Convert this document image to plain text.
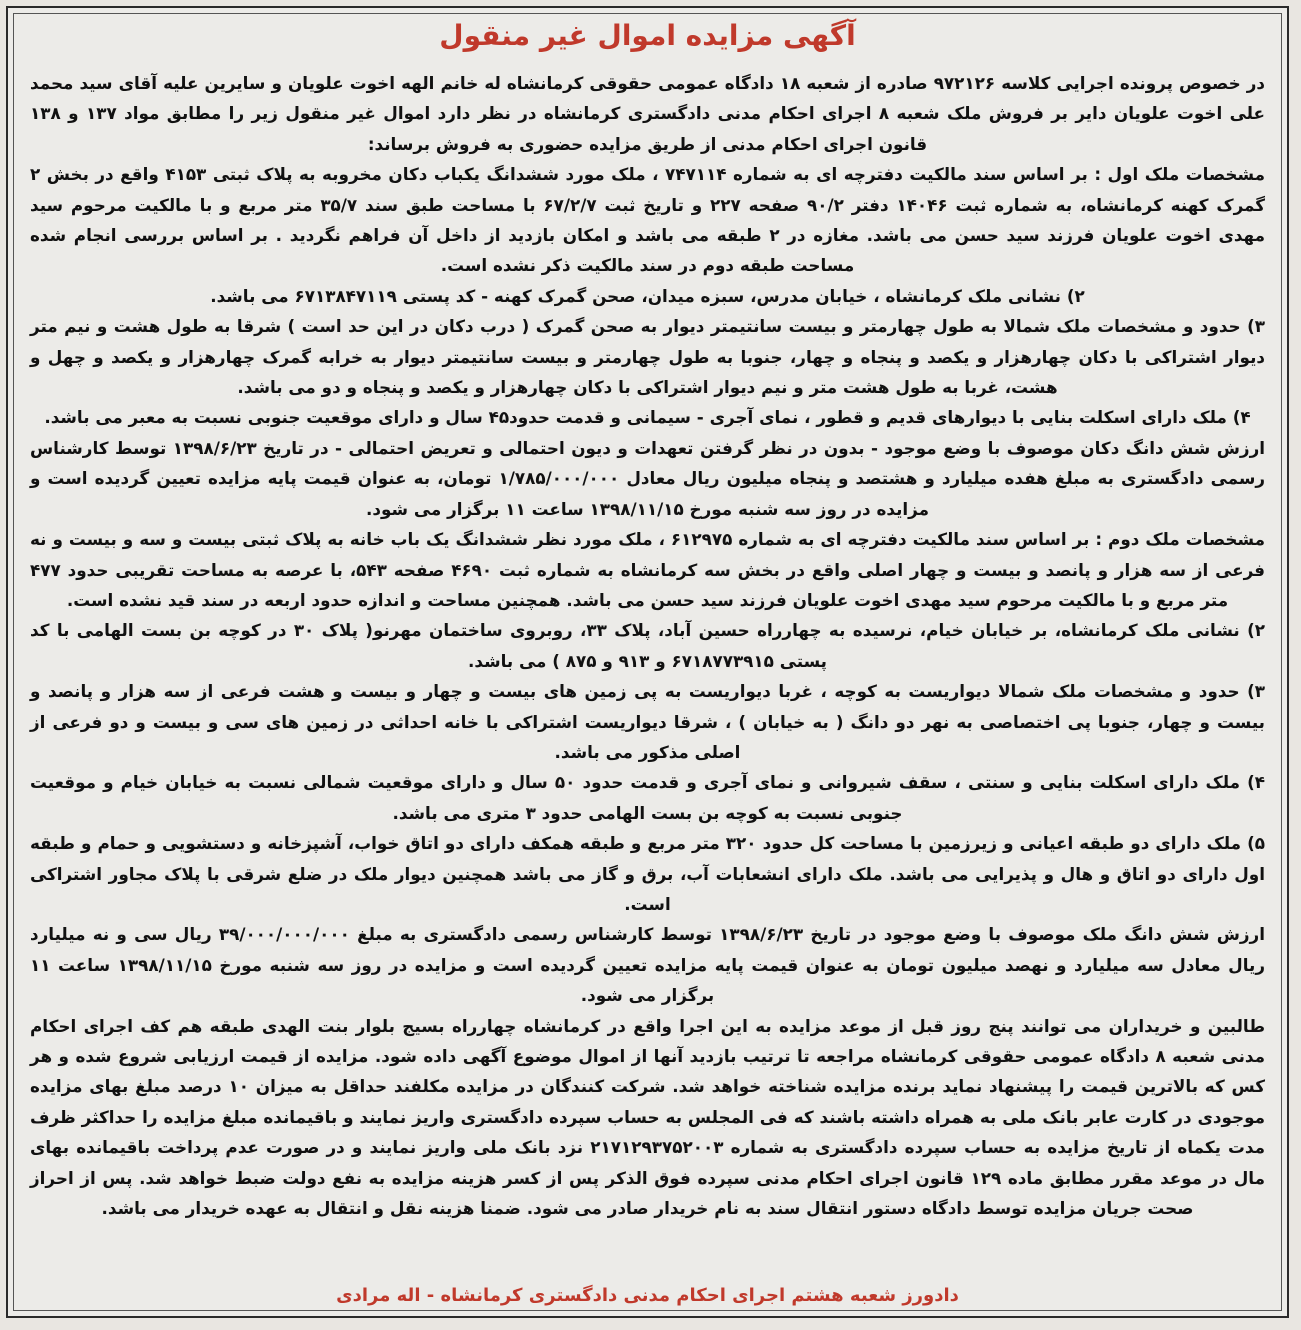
آگهی مزایده اموال غیر منقول

در خصوص پرونده اجرایی کلاسه ۹۷۲۱۲۶ صادره از شعبه ۱۸ دادگاه عمومی حقوقی کرمانشاه له خانم الهه اخوت علویان و سایرین علیه آقای سید محمد علی اخوت علویان دایر بر فروش ملک شعبه ۸ اجرای احکام مدنی دادگستری کرمانشاه در نظر دارد اموال غیر منقول زیر را مطابق مواد ۱۳۷ و ۱۳۸ قانون اجرای احکام مدنی از طریق مزایده حضوری به فروش برساند:

مشخصات ملک اول : بر اساس سند مالکیت دفترچه ای به شماره ۷۴۷۱۱۴ ، ملک مورد ششدانگ یکباب دکان مخروبه به پلاک ثبتی ۴۱۵۳ واقع در بخش ۲ گمرک کهنه کرمانشاه، به شماره ثبت ۱۴۰۴۶ دفتر ۹۰/۲ صفحه ۲۲۷ و تاریخ ثبت ۶۷/۲/۷ با مساحت طبق سند ۳۵/۷ متر مربع و با مالکیت مرحوم سید مهدی اخوت علویان فرزند سید حسن می باشد. مغازه در ۲ طبقه می باشد و امکان بازدید از داخل آن فراهم نگردید . بر اساس بررسی انجام شده مساحت طبقه دوم در سند مالکیت ذکر نشده است.

۲) نشانی ملک کرمانشاه ، خیابان مدرس، سبزه میدان، صحن گمرک کهنه - کد پستی ۶۷۱۳۸۴۷۱۱۹ می باشد.

۳) حدود و مشخصات ملک شمالا به طول چهارمتر و بیست سانتیمتر دیوار به صحن گمرک ( درب دکان در این حد است ) شرقا به طول هشت و نیم متر دیوار اشتراکی با دکان چهارهزار و یکصد و پنجاه و چهار، جنوبا به طول چهارمتر و بیست سانتیمتر دیوار به خرابه گمرک چهارهزار و یکصد و چهل و هشت، غربا به طول هشت متر و نیم دیوار اشتراکی با دکان چهارهزار و یکصد و پنجاه و دو می باشد.

۴) ملک دارای اسکلت بنایی با دیوارهای قدیم و قطور ، نمای آجری - سیمانی و قدمت حدود۴۵ سال و دارای موقعیت جنوبی نسبت به معبر می باشد.

ارزش شش دانگ دکان موصوف با وضع موجود - بدون در نظر گرفتن تعهدات و دیون احتمالی و تعریض احتمالی - در تاریخ ۱۳۹۸/۶/۲۳ توسط کارشناس رسمی دادگستری به مبلغ هفده میلیارد و هشتصد و پنجاه میلیون ریال معادل ۱/۷۸۵/۰۰۰/۰۰۰ تومان، به عنوان قیمت پایه مزایده تعیین گردیده است و مزایده در روز سه شنبه مورخ ۱۳۹۸/۱۱/۱۵ ساعت ۱۱ برگزار می شود.

مشخصات ملک دوم : بر اساس سند مالکیت دفترچه ای به شماره ۶۱۲۹۷۵ ، ملک مورد نظر ششدانگ یک باب خانه به پلاک ثبتی بیست و سه و بیست و نه فرعی از سه هزار و پانصد و بیست و چهار اصلی واقع در بخش سه کرمانشاه به شماره ثبت ۴۶۹۰ صفحه ۵۴۳، با عرصه به مساحت تقریبی حدود ۴۷۷ متر مربع و با مالکیت مرحوم سید مهدی اخوت علویان فرزند سید حسن می باشد. همچنین مساحت و اندازه حدود اربعه در سند قید نشده است.

۲) نشانی ملک کرمانشاه، بر خیابان خیام، نرسیده به چهارراه حسین آباد، پلاک ۳۳، روبروی ساختمان مهرنو( پلاک ۳۰ در کوچه بن بست الهامی با کد پستی ۶۷۱۸۷۷۳۹۱۵ و ۹۱۳ و ۸۷۵ ) می باشد.

۳) حدود و مشخصات ملک شمالا دیواریست به کوچه ، غربا دیواریست به پی زمین های بیست و چهار و بیست و هشت فرعی از سه هزار و پانصد و بیست و چهار، جنوبا پی اختصاصی به نهر دو دانگ ( به خیابان ) ، شرقا دیواریست اشتراکی با خانه احداثی در زمین های سی و بیست و دو فرعی از اصلی مذکور می باشد.

۴) ملک دارای اسکلت بنایی و سنتی ، سقف شیروانی و نمای آجری و قدمت حدود ۵۰ سال و دارای موقعیت شمالی نسبت به خیابان خیام و موقعیت جنوبی نسبت به کوچه بن بست الهامی حدود ۳ متری می باشد.

۵) ملک دارای دو طبقه اعیانی و زیرزمین با مساحت کل حدود ۳۲۰ متر مربع و طبقه همکف دارای دو اتاق خواب، آشپزخانه و دستشویی و حمام و طبقه اول دارای دو اتاق و هال و پذیرایی می باشد. ملک دارای انشعابات آب، برق و گاز می باشد همچنین دیوار ملک در ضلع شرقی با پلاک مجاور اشتراکی است.

ارزش شش دانگ ملک موصوف با وضع موجود در تاریخ ۱۳۹۸/۶/۲۳ توسط کارشناس رسمی دادگستری به مبلغ ۳۹/۰۰۰/۰۰۰/۰۰۰ ریال سی و نه میلیارد ریال معادل سه میلیارد و نهصد میلیون تومان به عنوان قیمت پایه مزایده تعیین گردیده است و مزایده در روز سه شنبه مورخ ۱۳۹۸/۱۱/۱۵ ساعت ۱۱ برگزار می شود.

طالبین و خریداران می توانند پنج روز قبل از موعد مزایده به این اجرا واقع در کرمانشاه چهارراه بسیج بلوار بنت الهدی طبقه هم کف اجرای احکام مدنی شعبه ۸ دادگاه عمومی حقوقی کرمانشاه مراجعه تا ترتیب بازدید آنها از اموال موضوع آگهی داده شود. مزایده از قیمت ارزیابی شروع شده و هر کس که بالاترین قیمت را پیشنهاد نماید برنده مزایده شناخته خواهد شد. شرکت کنندگان در مزایده مکلفند حداقل به میزان ۱۰ درصد مبلغ بهای مزایده موجودی در کارت عابر بانک ملی به همراه داشته باشند که فی المجلس به حساب سپرده دادگستری واریز نمایند و باقیمانده مبلغ مزایده را حداکثر ظرف مدت یکماه از تاریخ مزایده به حساب سپرده دادگستری به شماره ۲۱۷۱۲۹۳۷۵۲۰۰۳ نزد بانک ملی واریز نمایند و در صورت عدم پرداخت باقیمانده بهای مال در موعد مقرر مطابق ماده ۱۲۹ قانون اجرای احکام مدنی سپرده فوق الذکر پس از کسر هزینه مزایده به نفع دولت ضبط خواهد شد. پس از احراز صحت جریان مزایده توسط دادگاه دستور انتقال سند به نام خریدار صادر می شود. ضمنا هزینه نقل و انتقال به عهده خریدار می باشد.

دادورز شعبه هشتم اجرای احکام مدنی دادگستری کرمانشاه - اله مرادی
